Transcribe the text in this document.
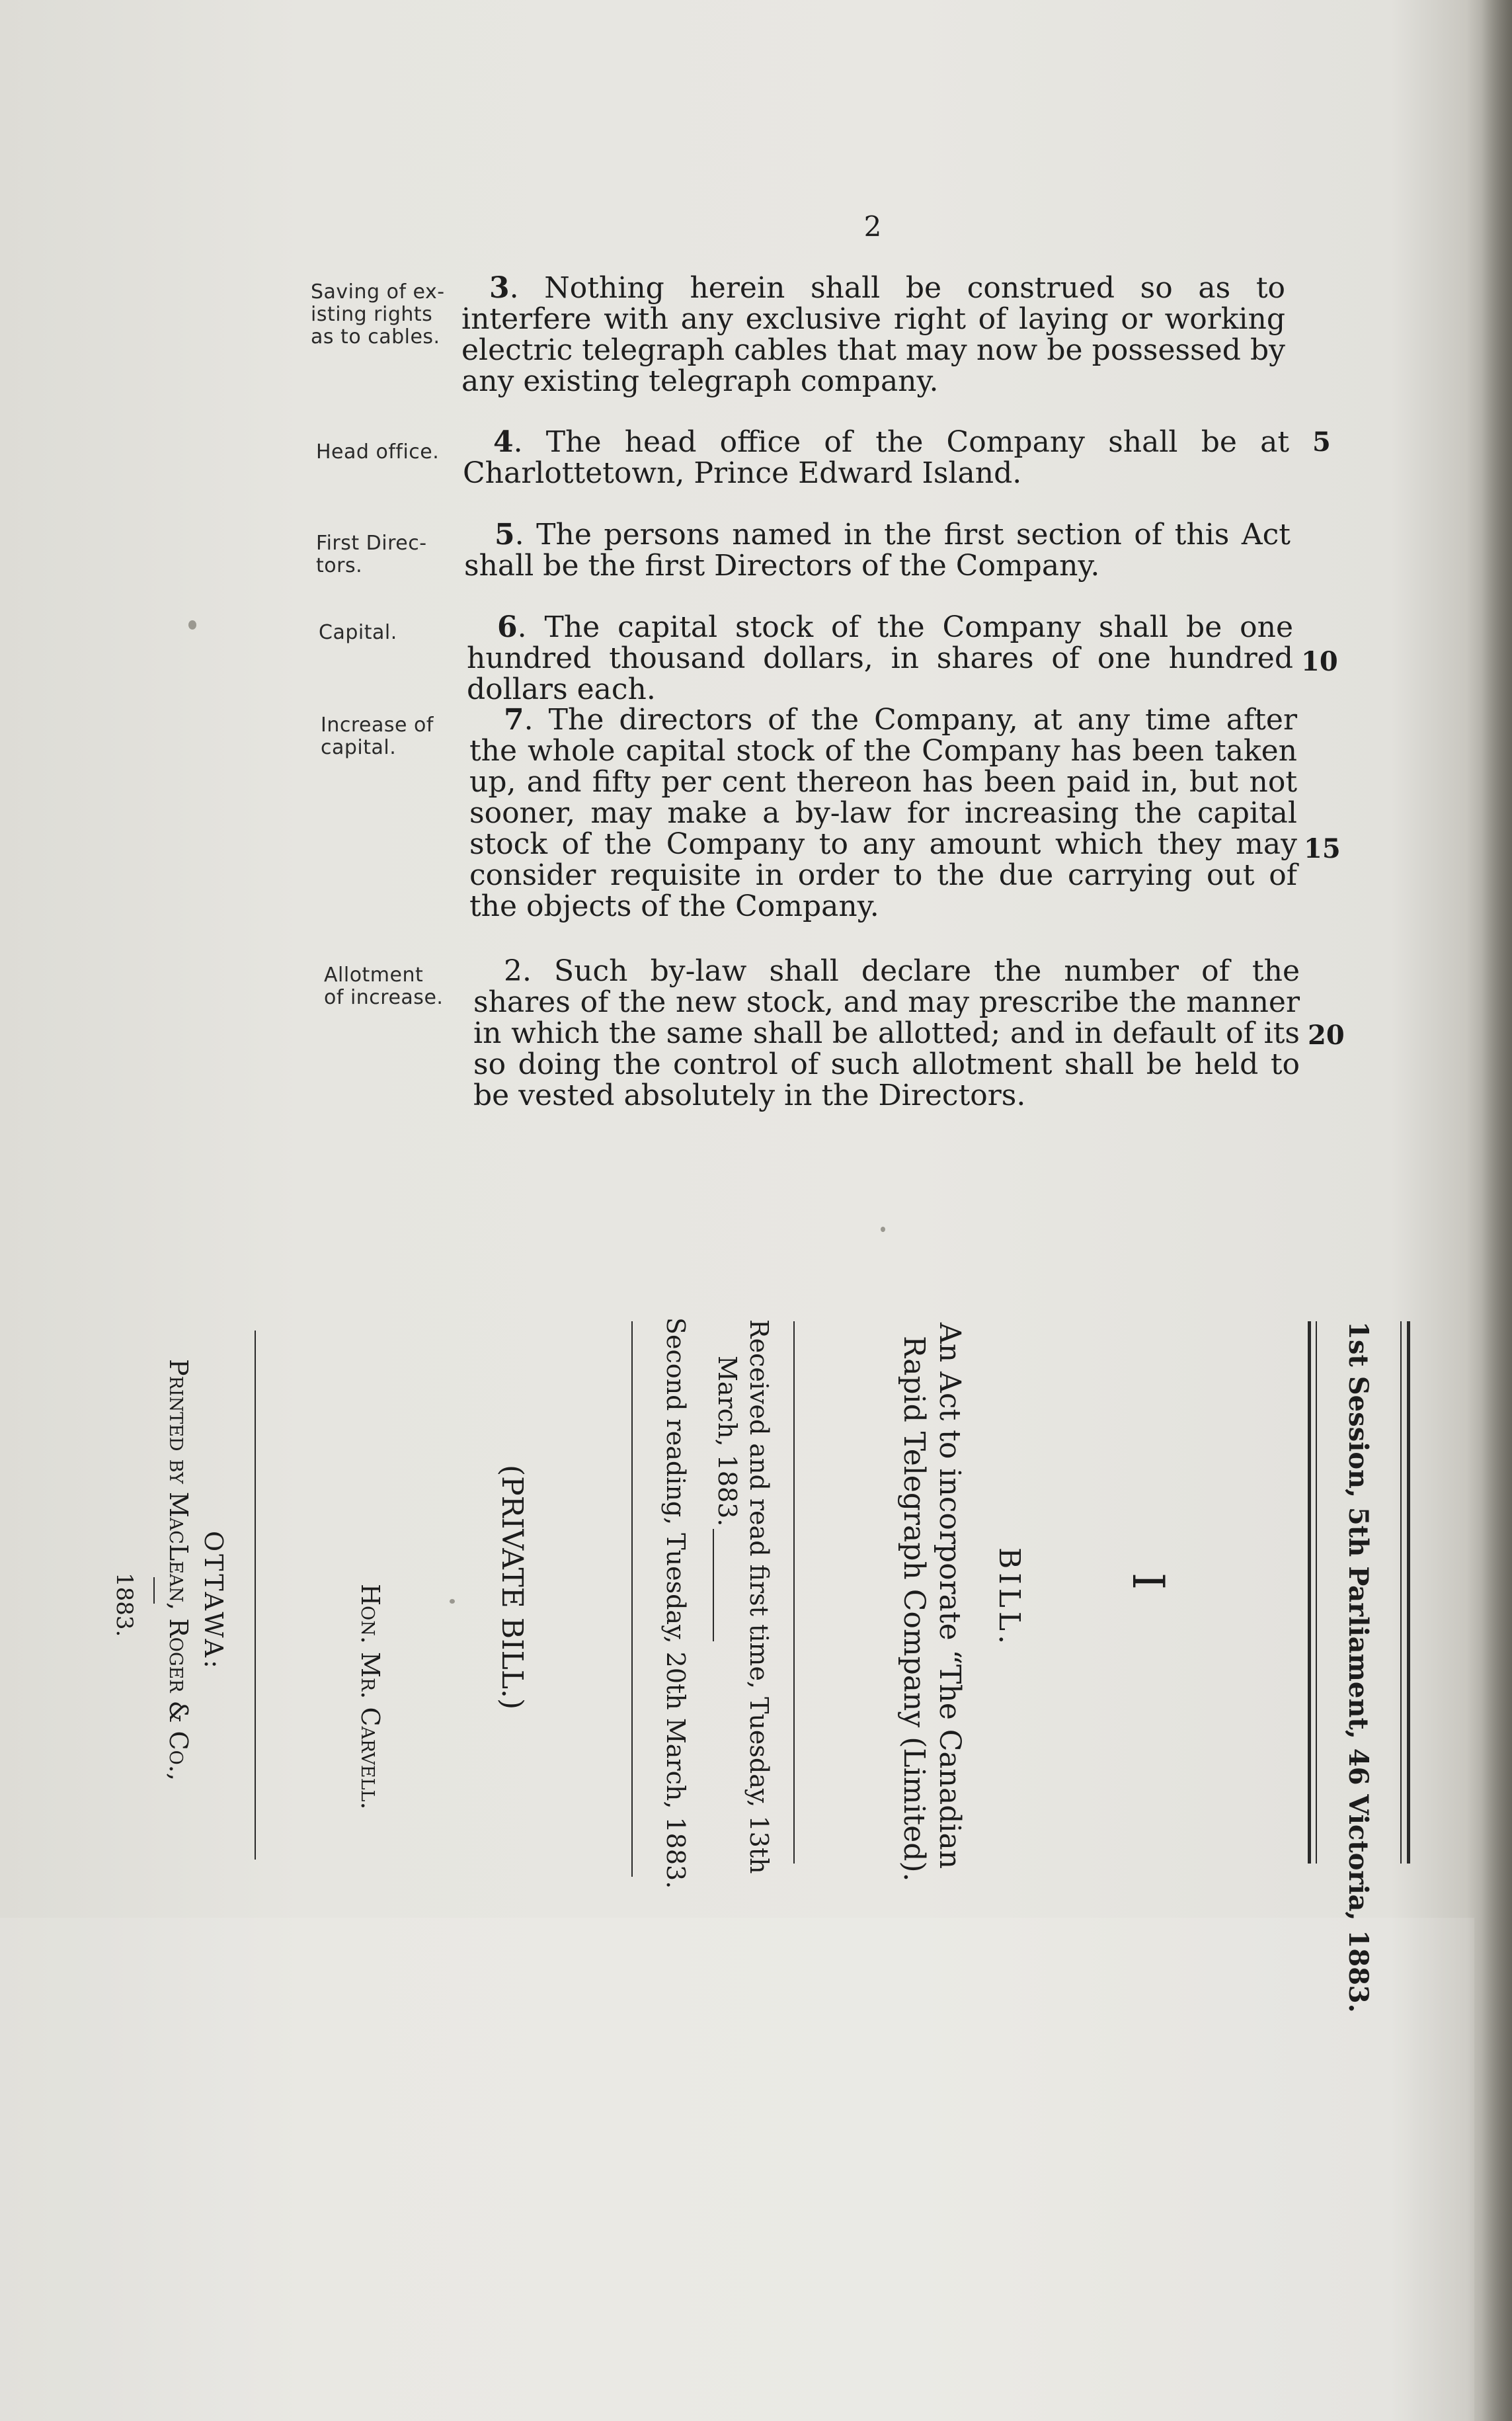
2
Saving of ex-
isting rights
as to cables.
Head office.
First Direc-
tors.
Capital.
Increase of
capital.
Allotment
of increase.
3. Nothing herein shall be construed so as to interfere with any exclusive right of laying or working electric telegraph cables that may now be possessed by any existing telegraph company.
4. The head office of the Company shall be at Charlottetown, Prince Edward Island.
5. The persons named in the first section of this Act shall be the first Directors of the Company.
6. The capital stock of the Company shall be one hundred thousand dollars, in shares of one hundred dollars each.
7. The directors of the Company, at any time after the whole capital stock of the Company has been taken up, and fifty per cent thereon has been paid in, but not sooner, may make a by-law for increasing the capital stock of the Company to any amount which they may consider requisite in order to the due carrying out of the objects of the Company.
2. Such by-law shall declare the number of the shares of the new stock, and may prescribe the manner in which the same shall be allotted; and in default of its so doing the control of such allotment shall be held to be vested absolutely in the Directors.
5
10
15
20
1st Session, 5th Parliament, 46 Victoria, 1883.
I
BILL.
An Act to incorporate “The Canadian
Rapid Telegraph Company (Limited).
Received and read first time, Tuesday, 13th
March, 1883.
Second reading, Tuesday, 20th March, 1883.
(PRIVATE BILL.)
Hon. Mr. Carvell.
OTTAWA:
Printed by MacLean, Roger & Co.,
1883.
